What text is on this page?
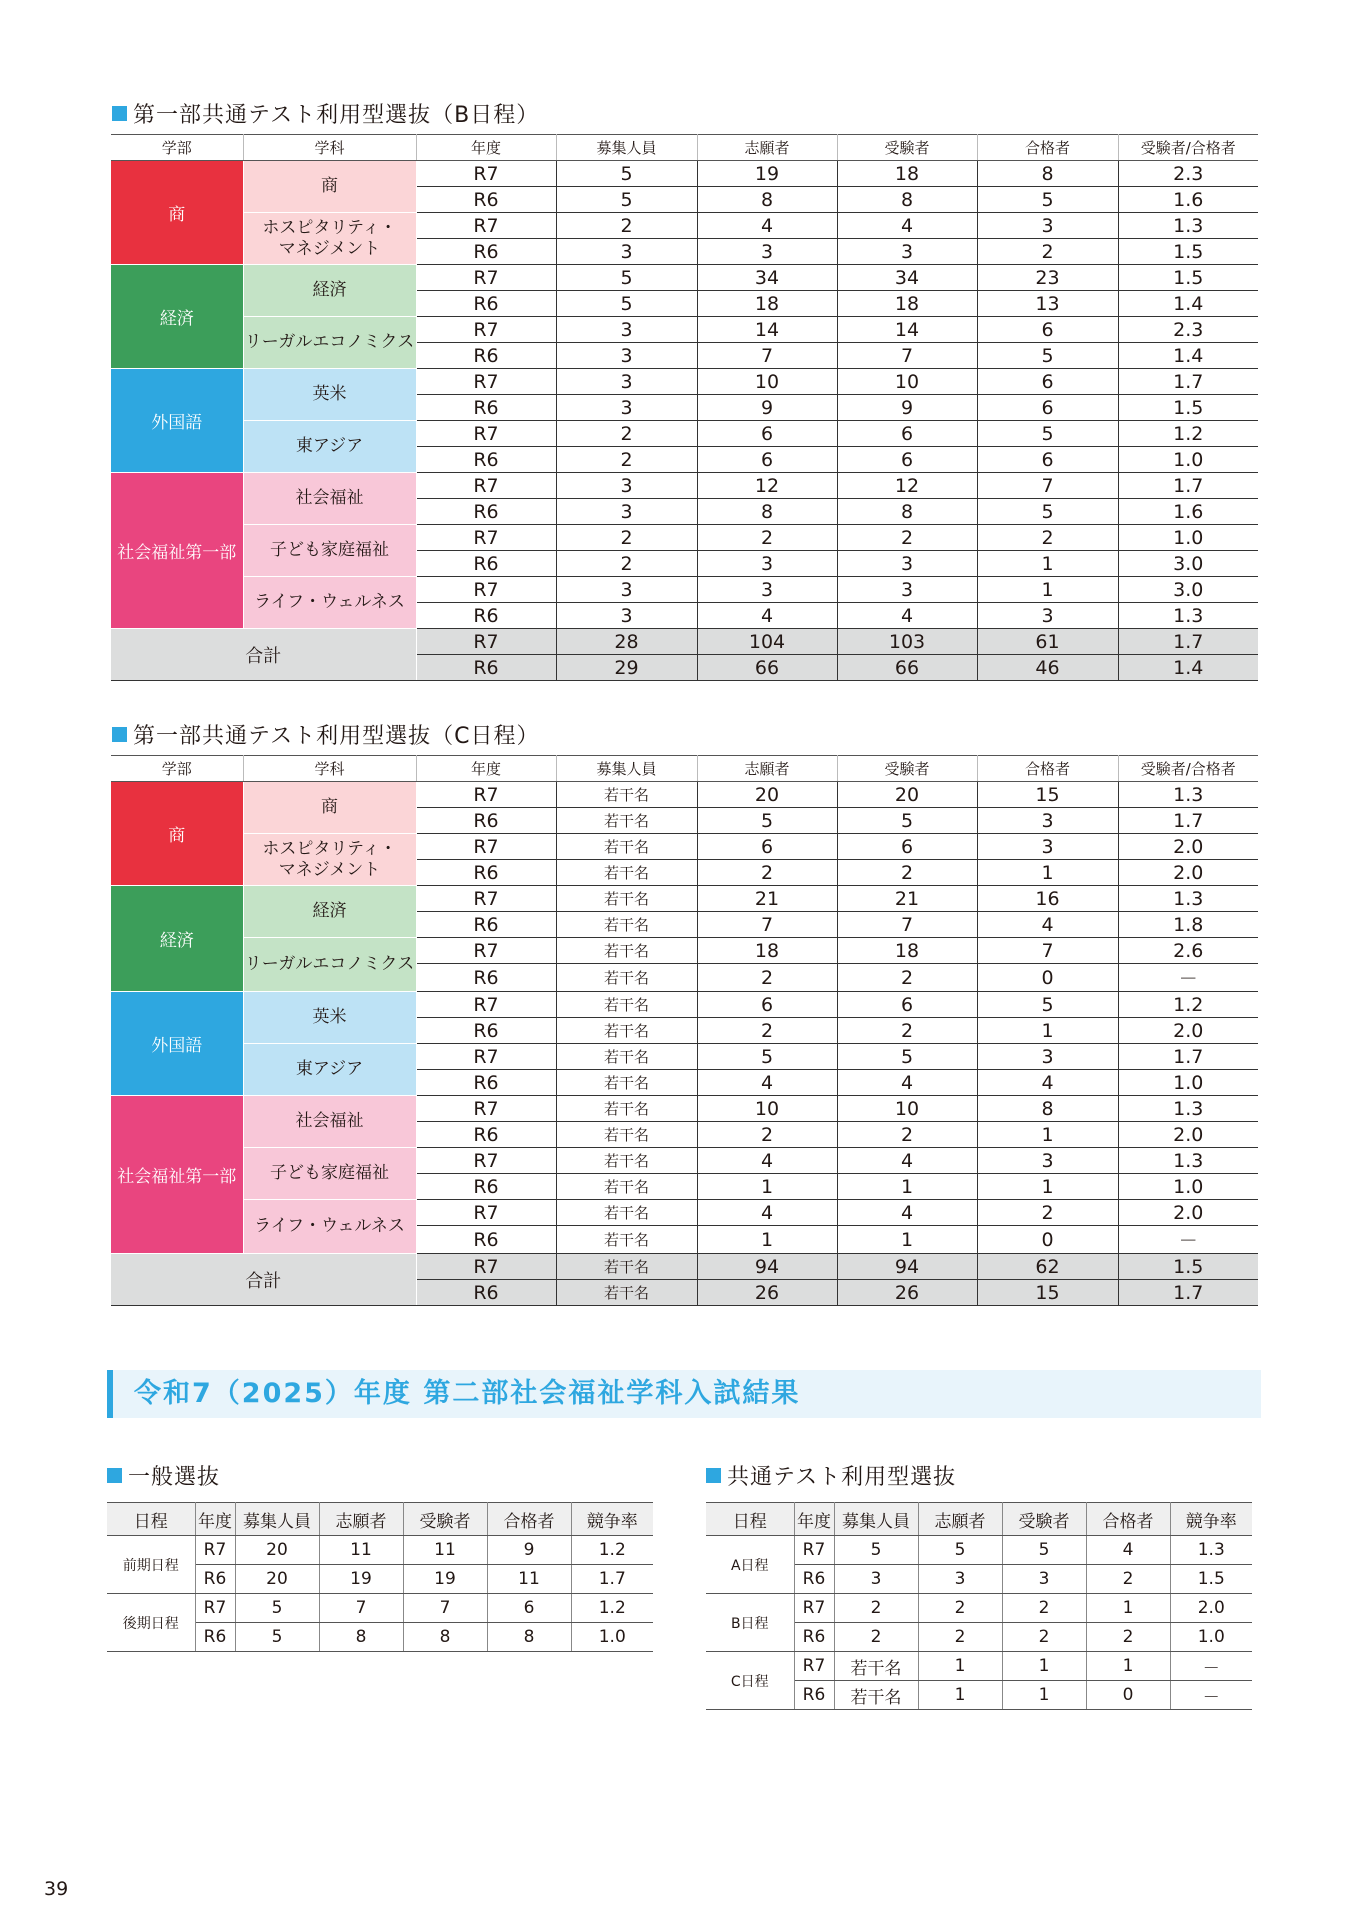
第一部共通テスト利用型選抜（B日程）
学部	学科	年度	募集人員	志願者	受験者	合格者	受験者/合格者
商	商	R7	5	19	18	8	2.3
		R6	5	8	8	5	1.6
	ホスピタリティ・
マネジメント	R7	2	4	4	3	1.3
		R6	3	3	3	2	1.5
経済	経済	R7	5	34	34	23	1.5
		R6	5	18	18	13	1.4
	リーガルエコノミクス	R7	3	14	14	6	2.3
		R6	3	7	7	5	1.4
外国語	英米	R7	3	10	10	6	1.7
		R6	3	9	9	6	1.5
	東アジア	R7	2	6	6	5	1.2
		R6	2	6	6	6	1.0
社会福祉第一部	社会福祉	R7	3	12	12	7	1.7
		R6	3	8	8	5	1.6
	子ども家庭福祉	R7	2	2	2	2	1.0
		R6	2	3	3	1	3.0
	ライフ・ウェルネス	R7	3	3	3	1	3.0
		R6	3	4	4	3	1.3
合計		R7	28	104	103	61	1.7
		R6	29	66	66	46	1.4
第一部共通テスト利用型選抜（C日程）
学部	学科	年度	募集人員	志願者	受験者	合格者	受験者/合格者
商	商	R7	若干名	20	20	15	1.3
		R6	若干名	5	5	3	1.7
	ホスピタリティ・
マネジメント	R7	若干名	6	6	3	2.0
		R6	若干名	2	2	1	2.0
経済	経済	R7	若干名	21	21	16	1.3
		R6	若干名	7	7	4	1.8
	リーガルエコノミクス	R7	若干名	18	18	7	2.6
		R6	若干名	2	2	0	－
外国語	英米	R7	若干名	6	6	5	1.2
		R6	若干名	2	2	1	2.0
	東アジア	R7	若干名	5	5	3	1.7
		R6	若干名	4	4	4	1.0
社会福祉第一部	社会福祉	R7	若干名	10	10	8	1.3
		R6	若干名	2	2	1	2.0
	子ども家庭福祉	R7	若干名	4	4	3	1.3
		R6	若干名	1	1	1	1.0
	ライフ・ウェルネス	R7	若干名	4	4	2	2.0
		R6	若干名	1	1	0	－
合計		R7	若干名	94	94	62	1.5
		R6	若干名	26	26	15	1.7
令和7（2025）年度 第二部社会福祉学科入試結果
一般選抜
日程	年度	募集人員	志願者	受験者	合格者	競争率
前期日程	R7	20	11	11	9	1.2
	R6	20	19	19	11	1.7
後期日程	R7	5	7	7	6	1.2
	R6	5	8	8	8	1.0
共通テスト利用型選抜
日程	年度	募集人員	志願者	受験者	合格者	競争率
A日程	R7	5	5	5	4	1.3
	R6	3	3	3	2	1.5
B日程	R7	2	2	2	1	2.0
	R6	2	2	2	2	1.0
C日程	R7	若干名	1	1	1	－
	R6	若干名	1	1	0	－
39
